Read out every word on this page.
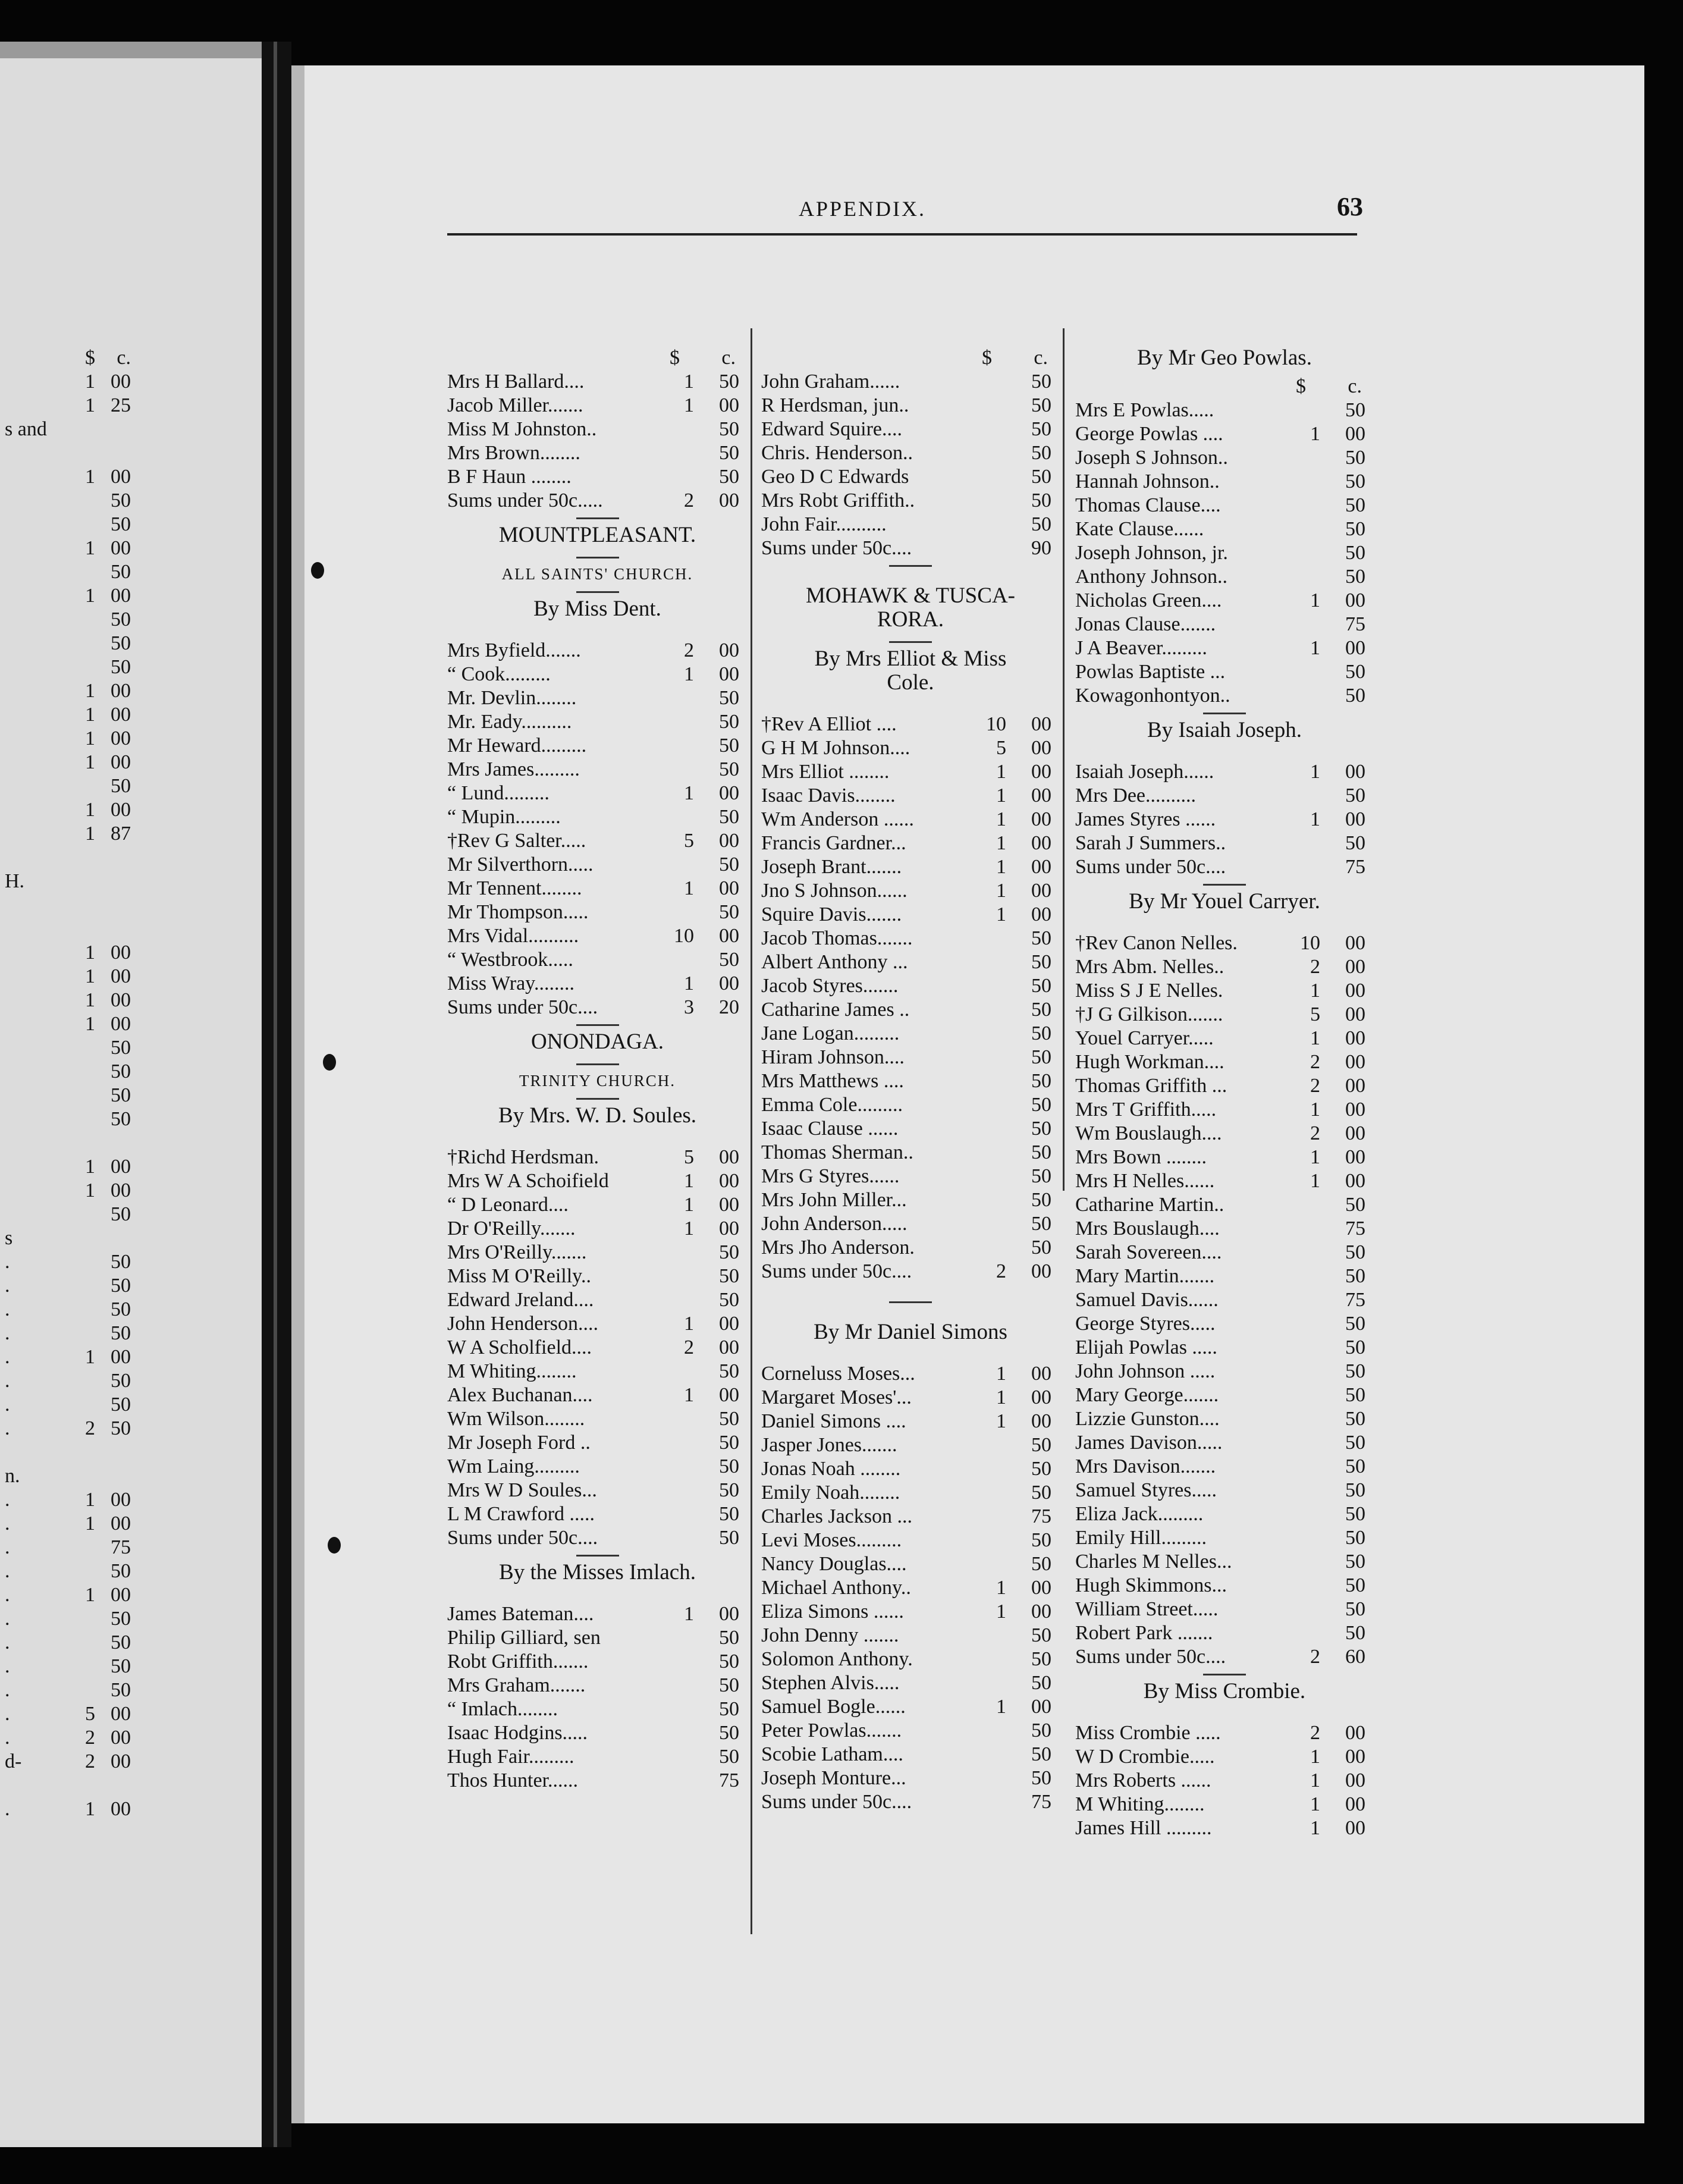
APPENDIX.	63
$ c.
Mrs H Ballard....	1	50
Jacob Miller.......	1	00
Miss M Johnston..	50
Mrs Brown........	50
B F Haun ........	50
Sums under 50c.....	2	00
MOUNTPLEASANT.
ALL SAINTS' CHURCH.
By Miss Dent.
Mrs Byfield.......	2	00
“ Cook.........	1	00
Mr. Devlin........	50
Mr. Eady..........	50
Mr Heward.........	50
Mrs James.........	50
“ Lund.........	1	00
“ Mupin.........	50
†Rev G Salter.....	5	00
Mr Silverthorn.....	50
Mr Tennent........	1	00
Mr Thompson.....	50
Mrs Vidal..........	10	00
“ Westbrook.....	50
Miss Wray........	1	00
Sums under 50c....	3	20
ONONDAGA.
TRINITY CHURCH.
By Mrs. W. D. Soules.
†Richd Herdsman.	5	00
Mrs W A Schoifield	1	00
“ D Leonard....	1	00
Dr O'Reilly.......	1	00
Mrs O'Reilly.......	50
Miss M O'Reilly..	50
Edward Jreland....	50
John Henderson....	1	00
W A Scholfield....	2	00
M Whiting........	50
Alex Buchanan....	1	00
Wm Wilson........	50
Mr Joseph Ford ..	50
Wm Laing.........	50
Mrs W D Soules...	50
L M Crawford .....	50
Sums under 50c....	50
By the Misses Imlach.
James Bateman....	1	00
Philip Gilliard, sen	50
Robt Griffith.......	50
Mrs Graham.......	50
“ Imlach........	50
Isaac Hodgins.....	50
Hugh Fair.........	50
Thos Hunter......	75
$ c.
John Graham......	50
R Herdsman, jun..	50
Edward Squire....	50
Chris. Henderson..	50
Geo D C Edwards	50
Mrs Robt Griffith..	50
John Fair..........	50
Sums under 50c....	90
MOHAWK & TUSCA-
RORA.
By Mrs Elliot & Miss
Cole.
†Rev A Elliot ....	10	00
G H M Johnson....	5	00
Mrs Elliot ........	1	00
Isaac Davis........	1	00
Wm Anderson ......	1	00
Francis Gardner...	1	00
Joseph Brant.......	1	00
Jno S Johnson......	1	00
Squire Davis.......	1	00
Jacob Thomas.......	50
Albert Anthony ...	50
Jacob Styres.......	50
Catharine James ..	50
Jane Logan.........	50
Hiram Johnson....	50
Mrs Matthews ....	50
Emma Cole.........	50
Isaac Clause ......	50
Thomas Sherman..	50
Mrs G Styres......	50
Mrs John Miller...	50
John Anderson.....	50
Mrs Jho Anderson.	50
Sums under 50c....	2	00
By Mr Daniel Simons
Corneluss Moses...	1	00
Margaret Moses'...	1	00
Daniel Simons ....	1	00
Jasper Jones.......	50
Jonas Noah ........	50
Emily Noah........	50
Charles Jackson ...	75
Levi Moses.........	50
Nancy Douglas....	50
Michael Anthony..	1	00
Eliza Simons ......	1	00
John Denny .......	50
Solomon Anthony.	50
Stephen Alvis.....	50
Samuel Bogle......	1	00
Peter Powlas.......	50
Scobie Latham....	50
Joseph Monture...	50
Sums under 50c....	75
By Mr Geo Powlas.
$ c.
Mrs E Powlas.....	50
George Powlas ....	1	00
Joseph S Johnson..	50
Hannah Johnson..	50
Thomas Clause....	50
Kate Clause......	50
Joseph Johnson, jr.	50
Anthony Johnson..	50
Nicholas Green....	1	00
Jonas Clause.......	75
J A Beaver.........	1	00
Powlas Baptiste ...	50
Kowagonhontyon..	50
By Isaiah Joseph.
Isaiah Joseph......	1	00
Mrs Dee..........	50
James Styres ......	1	00
Sarah J Summers..	50
Sums under 50c....	75
By Mr Youel Carryer.
†Rev Canon Nelles.	10	00
Mrs Abm. Nelles..	2	00
Miss S J E Nelles.	1	00
†J G Gilkison.......	5	00
Youel Carryer.....	1	00
Hugh Workman....	2	00
Thomas Griffith ...	2	00
Mrs T Griffith.....	1	00
Wm Bouslaugh....	2	00
Mrs Bown ........	1	00
Mrs H Nelles......	1	00
Catharine Martin..	50
Mrs Bouslaugh....	75
Sarah Sovereen....	50
Mary Martin.......	50
Samuel Davis......	75
George Styres.....	50
Elijah Powlas .....	50
John Johnson .....	50
Mary George.......	50
Lizzie Gunston....	50
James Davison.....	50
Mrs Davison.......	50
Samuel Styres.....	50
Eliza Jack.........	50
Emily Hill.........	50
Charles M Nelles...	50
Hugh Skimmons...	50
William Street.....	50
Robert Park .......	50
Sums under 50c....	2	60
By Miss Crombie.
Miss Crombie .....	2	00
W D Crombie.....	1	00
Mrs Roberts ......	1	00
M Whiting........	1	00
James Hill .........	1	00
$	c.
1 00
1 25
s and
1 00
50
50
1 00
50
1 00
50
50
50
1 00
1 00
1 00
1 00
50
1 00
1 87
H.
1 00
1 00
1 00
1 00
50
50
50
50
1 00
1 00
50
s
.	50
.	50
.	50
.	50
.	1 00
.	50
.	50
.	2 50
n.
.	1 00
.	1 00
.	75
.	50
.	1 00
.	50
.	50
.	50
.	50
.	5 00
.	2 00
d-	2 00
.	1 00
